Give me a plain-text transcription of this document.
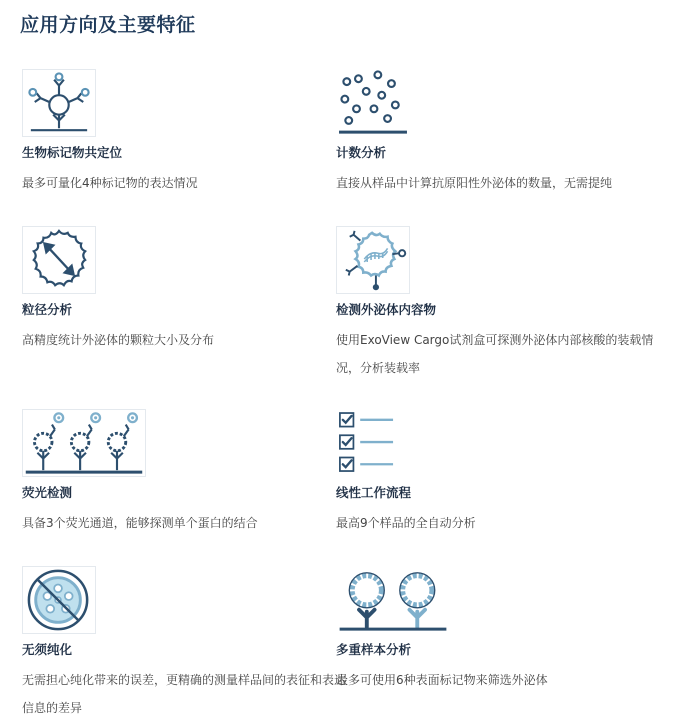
应用方向及主要特征
生物标记物共定位
最多可量化4种标记物的表达情况
计数分析
直接从样品中计算抗原阳性外泌体的数量，无需提纯
粒径分析
高精度统计外泌体的颗粒大小及分布
检测外泌体内容物
使用ExoView Cargo试剂盒可探测外泌体内部核酸的装载情况，分析装载率
荧光检测
具备3个荧光通道，能够探测单个蛋白的结合
线性工作流程
最高9个样品的全自动分析
无须纯化
无需担心纯化带来的误差，更精确的测量样品间的表征和表达信息的差异
多重样本分析
最多可使用6种表面标记物来筛选外泌体
